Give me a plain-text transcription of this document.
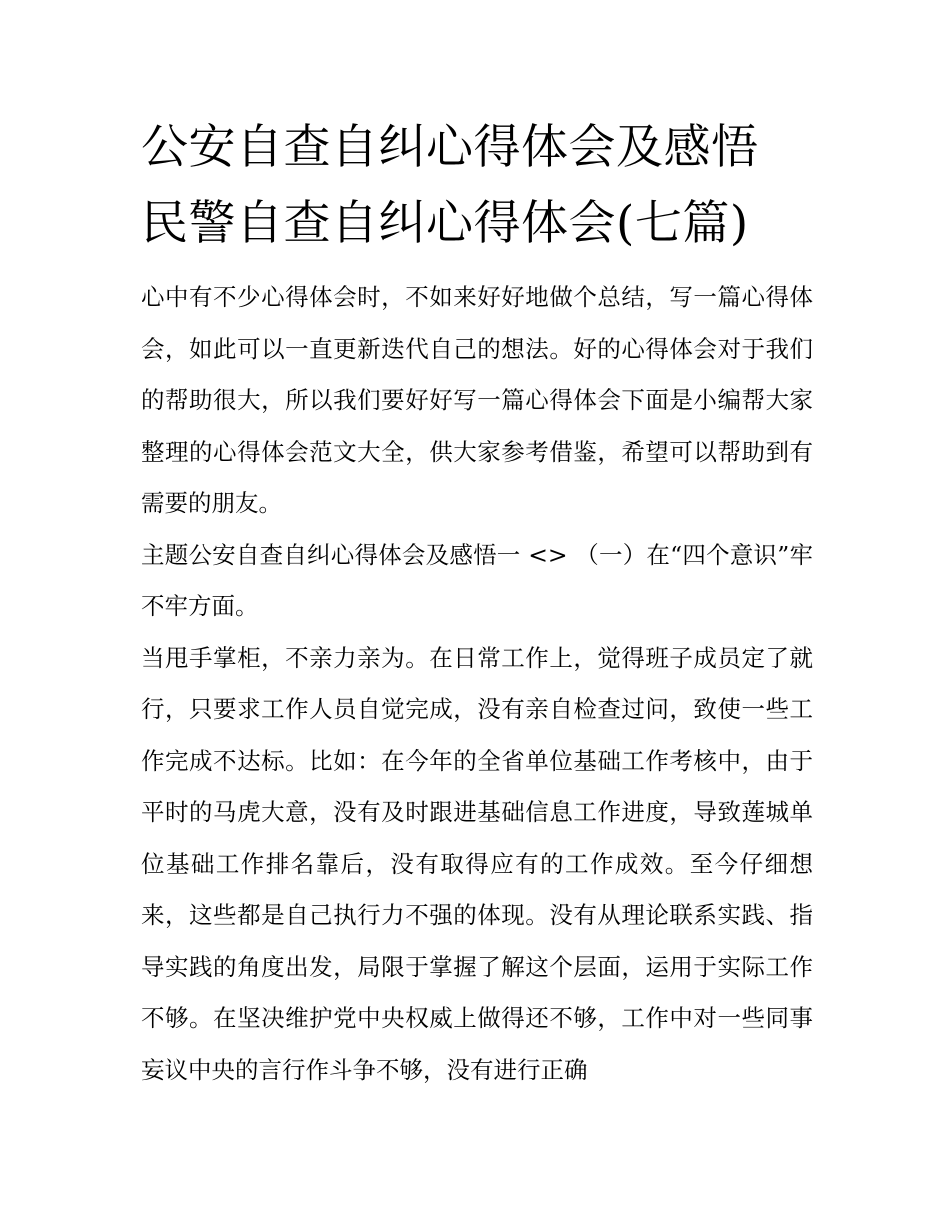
公安自查自纠心得体会及感悟
民警自查自纠心得体会(七篇)

心中有不少心得体会时，不如来好好地做个总结，写一篇心得体会，如此可以一直更新迭代自己的想法。好的心得体会对于我们的帮助很大，所以我们要好好写一篇心得体会下面是小编帮大家整理的心得体会范文大全，供大家参考借鉴，希望可以帮助到有需要的朋友。

主题公安自查自纠心得体会及感悟一 <> （一）在“四个意识”牢不牢方面。

当甩手掌柜，不亲力亲为。在日常工作上，觉得班子成员定了就行，只要求工作人员自觉完成，没有亲自检查过问，致使一些工作完成不达标。比如：在今年的全省单位基础工作考核中，由于平时的马虎大意，没有及时跟进基础信息工作进度，导致莲城单位基础工作排名靠后，没有取得应有的工作成效。至今仔细想来，这些都是自己执行力不强的体现。没有从理论联系实践、指导实践的角度出发，局限于掌握了解这个层面，运用于实际工作不够。在坚决维护党中央权威上做得还不够，工作中对一些同事妄议中央的言行作斗争不够，没有进行正确
